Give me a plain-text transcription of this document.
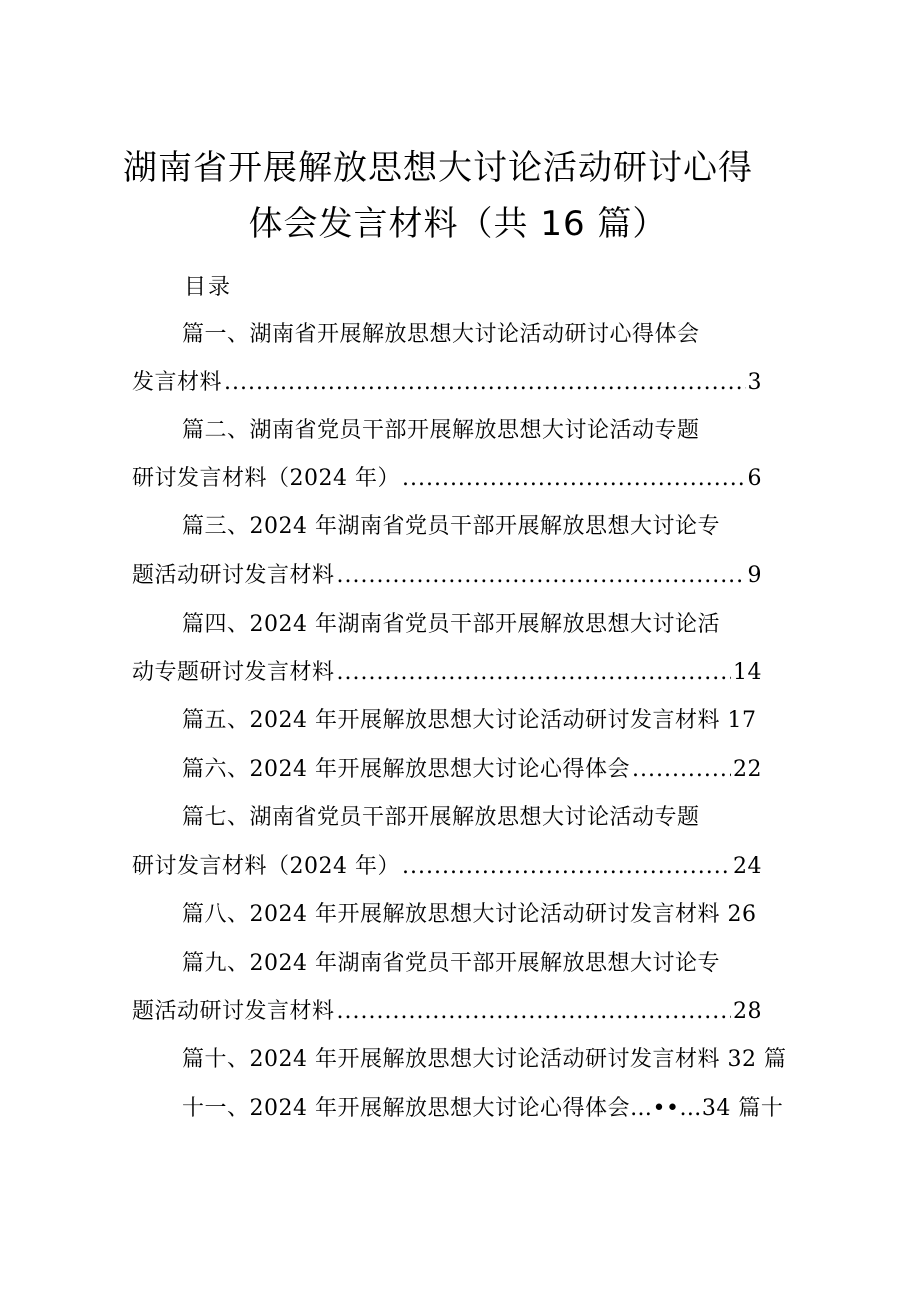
湖南省开展解放思想大讨论活动研讨心得
体会发言材料（共 16 篇）
目录
篇一、湖南省开展解放思想大讨论活动研讨心得体会
发言材料 .....	3
篇二、湖南省党员干部开展解放思想大讨论活动专题
研讨发言材料（2024 年） .....	6
篇三、2024 年湖南省党员干部开展解放思想大讨论专
题活动研讨发言材料 .....	9
篇四、2024 年湖南省党员干部开展解放思想大讨论活
动专题研讨发言材料 .....	14
篇五、2024 年开展解放思想大讨论活动研讨发言材料 17
篇六、2024 年开展解放思想大讨论心得体会 .....	22
篇七、湖南省党员干部开展解放思想大讨论活动专题
研讨发言材料（2024 年） .....	24
篇八、2024 年开展解放思想大讨论活动研讨发言材料 26
篇九、2024 年湖南省党员干部开展解放思想大讨论专
题活动研讨发言材料 .....	28
篇十、2024 年开展解放思想大讨论活动研讨发言材料 32 篇
十一、2024 年开展解放思想大讨论心得体会…••…34 篇十
